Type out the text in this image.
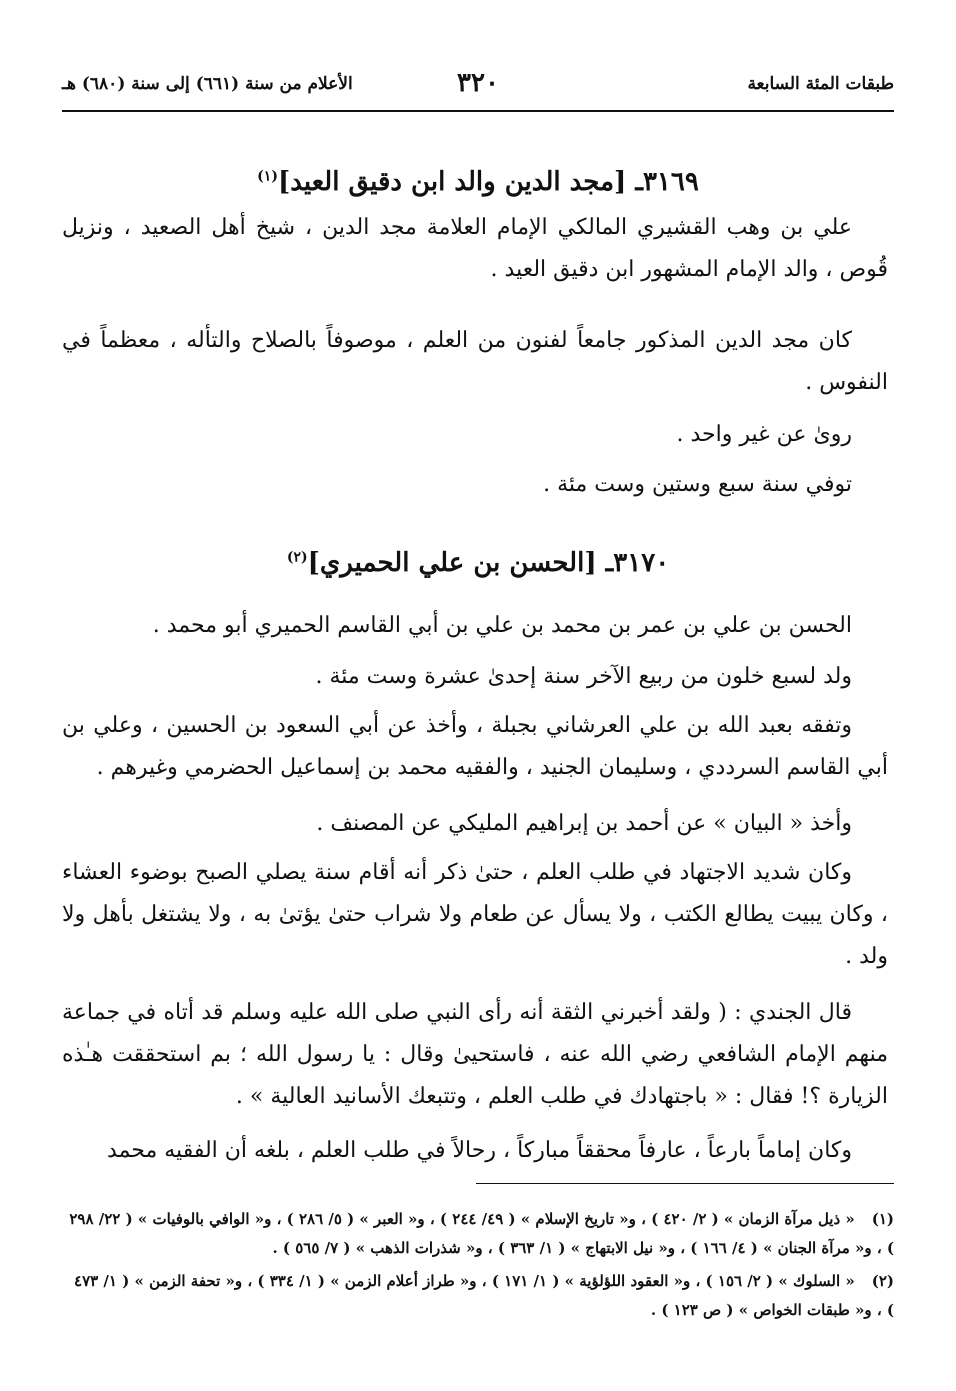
طبقات المئة السابعة
٣٢٠
الأعلام من سنة (٦٦١) إلى سنة (٦٨٠) هـ
٣١٦٩ـ [مجد الدين والد ابن دقيق العيد]$^{(١)}$

علي بن وهب القشيري المالكي الإمام العلامة مجد الدين ، شيخ أهل الصعيد ، ونزيل قُوص ، والد الإمام المشهور ابن دقيق العيد .

كان مجد الدين المذكور جامعاً لفنون من العلم ، موصوفاً بالصلاح والتأله ، معظماً في النفوس .

روىٰ عن غير واحد .

توفي سنة سبع وستين وست مئة .

٣١٧٠ـ [الحسن بن علي الحميري]$^{(٢)}$

الحسن بن علي بن عمر بن محمد بن علي بن أبي القاسم الحميري أبو محمد .

ولد لسبع خلون من ربيع الآخر سنة إحدىٰ عشرة وست مئة .

وتفقه بعبد الله بن علي العرشاني بجبلة ، وأخذ عن أبي السعود بن الحسين ، وعلي بن أبي القاسم السرددي ، وسليمان الجنيد ، والفقيه محمد بن إسماعيل الحضرمي وغيرهم .

وأخذ « البيان » عن أحمد بن إبراهيم المليكي عن المصنف .

وكان شديد الاجتهاد في طلب العلم ، حتىٰ ذكر أنه أقام سنة يصلي الصبح بوضوء العشاء ، وكان يبيت يطالع الكتب ، ولا يسأل عن طعام ولا شراب حتىٰ يؤتىٰ به ، ولا يشتغل بأهل ولا ولد .

قال الجندي : ( ولقد أخبرني الثقة أنه رأى النبي صلى الله عليه وسلم قد أتاه في جماعة منهم الإمام الشافعي رضي الله عنه ، فاستحيىٰ وقال : يا رسول الله ؛ بم استحققت هـٰذه الزيارة ؟! فقال : « باجتهادك في طلب العلم ، وتتبعك الأسانيد العالية » .

وكان إماماً بارعاً ، عارفاً محققاً مباركاً ، رحالاً في طلب العلم ، بلغه أن الفقيه محمد

(١) « ذيل مرآة الزمان » ( ٢/ ٤٢٠ ) ، و« تاريخ الإسلام » ( ٤٩/ ٢٤٤ ) ، و« العبر » ( ٥/ ٢٨٦ ) ، و« الوافي بالوفيات » ( ٢٢/ ٢٩٨ ) ، و« مرآة الجنان » ( ٤/ ١٦٦ ) ، و« نيل الابتهاج » ( ١/ ٣٦٣ ) ، و« شذرات الذهب » ( ٧/ ٥٦٥ ) .
(٢) « السلوك » ( ٢/ ١٥٦ ) ، و« العقود اللؤلؤية » ( ١/ ١٧١ ) ، و« طراز أعلام الزمن » ( ١/ ٣٣٤ ) ، و« تحفة الزمن » ( ١/ ٤٧٣ ) ، و« طبقات الخواص » ( ص ١٢٣ ) .
